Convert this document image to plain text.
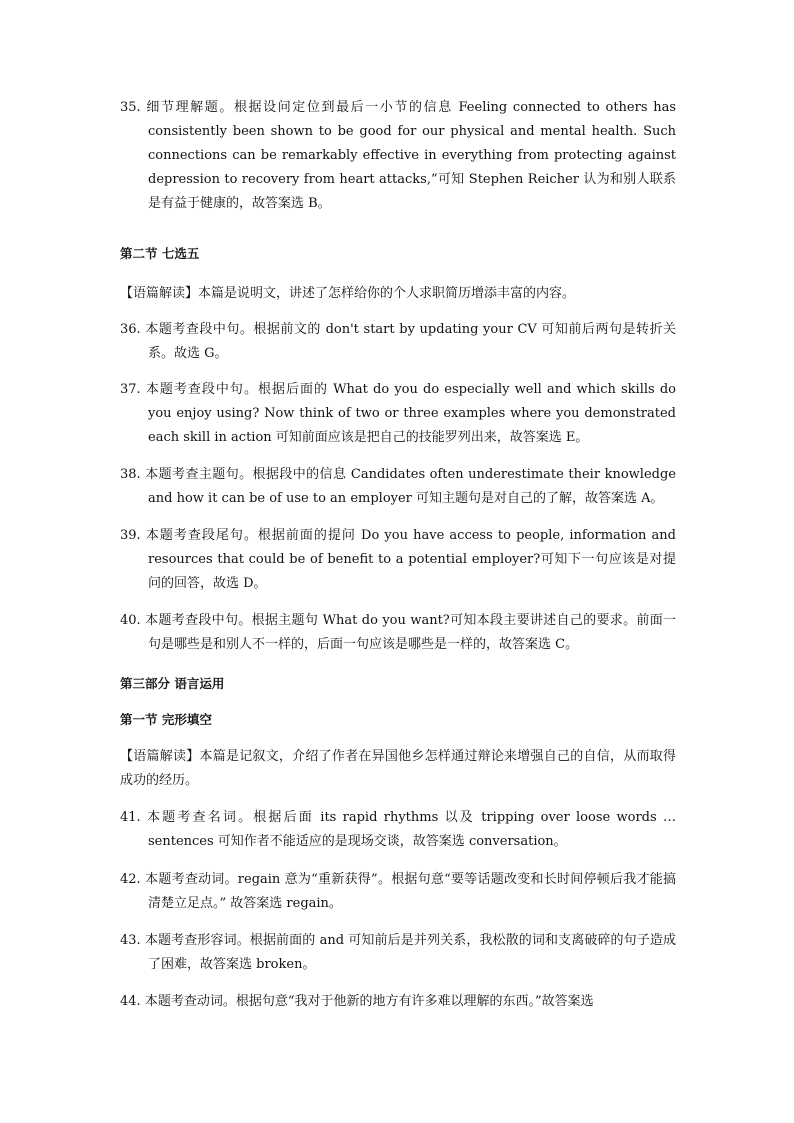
35. 细节理解题。根据设问定位到最后一小节的信息 Feeling connected to others has consistently been shown to be good for our physical and mental health. Such connections can be remarkably effective in everything from protecting against depression to recovery from heart attacks,”可知 Stephen Reicher 认为和别人联系是有益于健康的，故答案选 B。
第二节 七选五
【语篇解读】本篇是说明文，讲述了怎样给你的个人求职简历增添丰富的内容。
36. 本题考查段中句。根据前文的 don't start by updating your CV 可知前后两句是转折关系。故选 G。
37. 本题考查段中句。根据后面的 What do you do especially well and which skills do you enjoy using? Now think of two or three examples where you demonstrated each skill in action 可知前面应该是把自己的技能罗列出来，故答案选 E。
38. 本题考查主题句。根据段中的信息 Candidates often underestimate their knowledge and how it can be of use to an employer 可知主题句是对自己的了解，故答案选 A。
39. 本题考查段尾句。根据前面的提问 Do you have access to people, information and resources that could be of benefit to a potential employer?可知下一句应该是对提问的回答，故选 D。
40. 本题考查段中句。根据主题句 What do you want?可知本段主要讲述自己的要求。前面一句是哪些是和别人不一样的，后面一句应该是哪些是一样的，故答案选 C。
第三部分 语言运用
第一节 完形填空
【语篇解读】本篇是记叙文，介绍了作者在异国他乡怎样通过辩论来增强自己的自信，从而取得成功的经历。
41. 本题考查名词。根据后面 its rapid rhythms 以及 tripping over loose words … sentences 可知作者不能适应的是现场交谈，故答案选 conversation。
42. 本题考查动词。regain 意为“重新获得”。根据句意“要等话题改变和长时间停顿后我才能搞清楚立足点。” 故答案选 regain。
43. 本题考查形容词。根据前面的 and 可知前后是并列关系，我松散的词和支离破碎的句子造成了困难，故答案选 broken。
44. 本题考查动词。根据句意“我对于他新的地方有许多难以理解的东西。”故答案选
